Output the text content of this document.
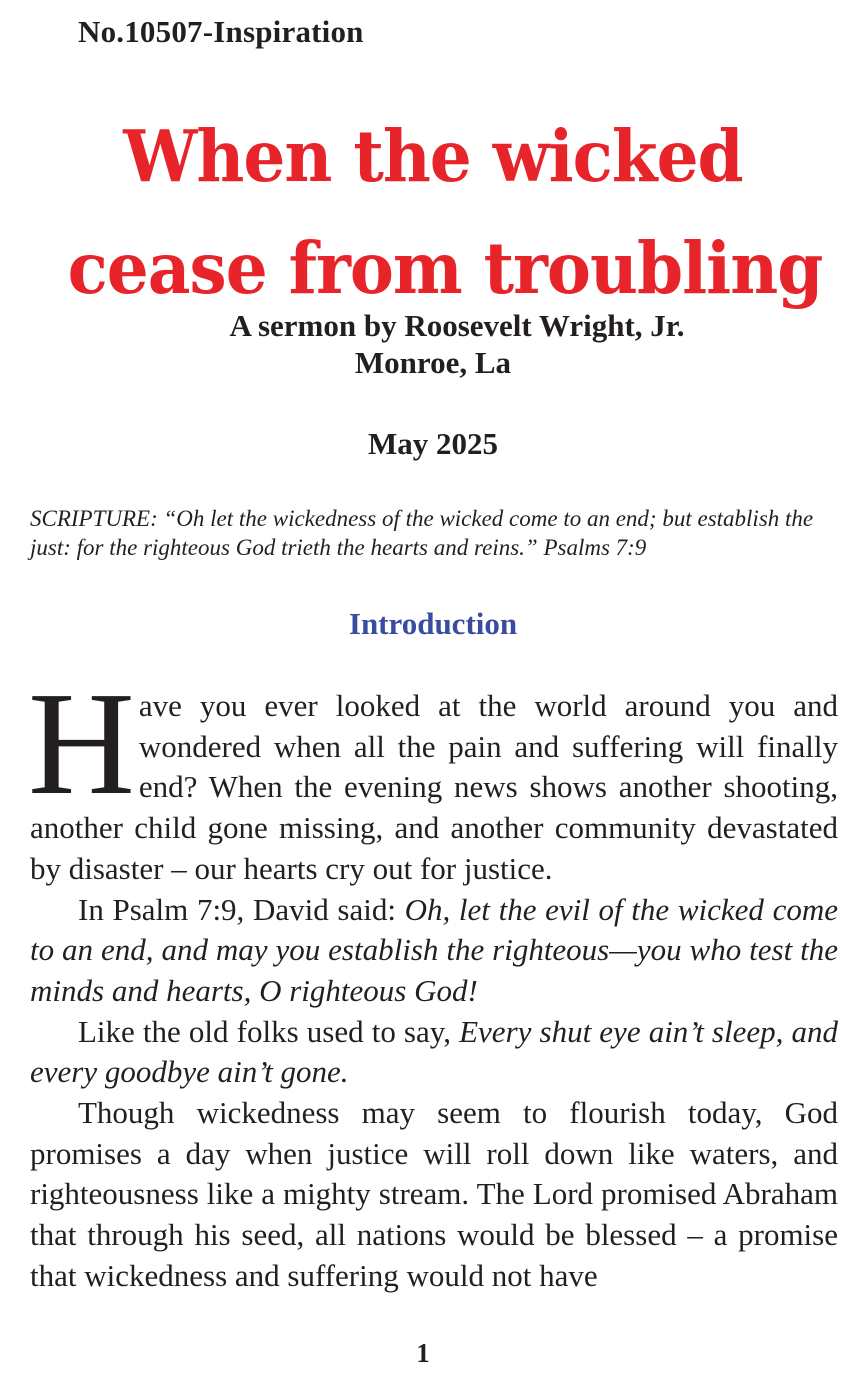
No.10507-Inspiration
When the wicked
cease from troubling
A sermon by Roosevelt Wright, Jr.
Monroe, La
May 2025
SCRIPTURE: “Oh let the wickedness of the wicked come to an end; but establish the just: for the righteous God trieth the hearts and reins.” Psalms 7:9
Introduction

Have you ever looked at the world around you and wondered when all the pain and suffering will finally end? When the evening news shows another shooting, another child gone missing, and another community devastated by disaster – our hearts cry out for justice.

In Psalm 7:9, David said: Oh, let the evil of the wicked come to an end, and may you establish the righteous—you who test the minds and hearts, O righteous God!

Like the old folks used to say, Every shut eye ain’t sleep, and every goodbye ain’t gone.

Though wickedness may seem to flourish today, God promises a day when justice will roll down like waters, and righteousness like a mighty stream. The Lord promised Abraham that through his seed, all nations would be blessed – a promise that wickedness and suffering would not have

1
